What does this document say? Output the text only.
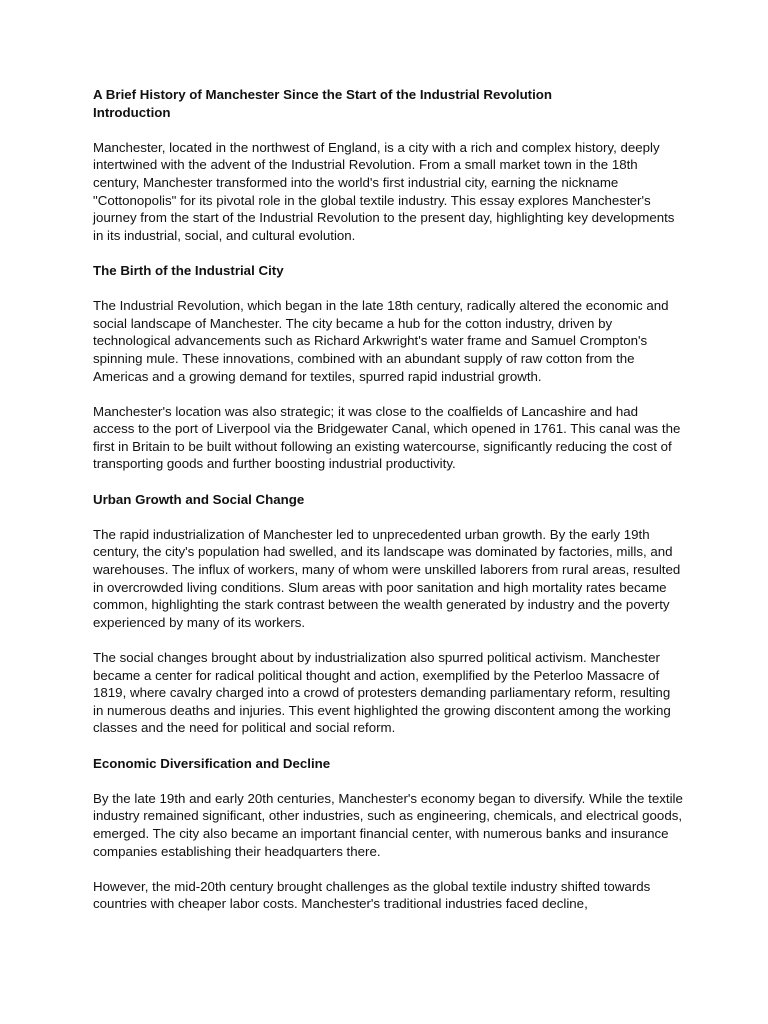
A Brief History of Manchester Since the Start of the Industrial Revolution
Introduction

Manchester, located in the northwest of England, is a city with a rich and complex history, deeply intertwined with the advent of the Industrial Revolution. From a small market town in the 18th century, Manchester transformed into the world's first industrial city, earning the nickname "Cottonopolis" for its pivotal role in the global textile industry. This essay explores Manchester's journey from the start of the Industrial Revolution to the present day, highlighting key developments in its industrial, social, and cultural evolution.

The Birth of the Industrial City

The Industrial Revolution, which began in the late 18th century, radically altered the economic and social landscape of Manchester. The city became a hub for the cotton industry, driven by technological advancements such as Richard Arkwright's water frame and Samuel Crompton's spinning mule. These innovations, combined with an abundant supply of raw cotton from the Americas and a growing demand for textiles, spurred rapid industrial growth.

Manchester's location was also strategic; it was close to the coalfields of Lancashire and had access to the port of Liverpool via the Bridgewater Canal, which opened in 1761. This canal was the first in Britain to be built without following an existing watercourse, significantly reducing the cost of transporting goods and further boosting industrial productivity.

Urban Growth and Social Change

The rapid industrialization of Manchester led to unprecedented urban growth. By the early 19th century, the city's population had swelled, and its landscape was dominated by factories, mills, and warehouses. The influx of workers, many of whom were unskilled laborers from rural areas, resulted in overcrowded living conditions. Slum areas with poor sanitation and high mortality rates became common, highlighting the stark contrast between the wealth generated by industry and the poverty experienced by many of its workers.

The social changes brought about by industrialization also spurred political activism. Manchester became a center for radical political thought and action, exemplified by the Peterloo Massacre of 1819, where cavalry charged into a crowd of protesters demanding parliamentary reform, resulting in numerous deaths and injuries. This event highlighted the growing discontent among the working classes and the need for political and social reform.

Economic Diversification and Decline

By the late 19th and early 20th centuries, Manchester's economy began to diversify. While the textile industry remained significant, other industries, such as engineering, chemicals, and electrical goods, emerged. The city also became an important financial center, with numerous banks and insurance companies establishing their headquarters there.

However, the mid-20th century brought challenges as the global textile industry shifted towards countries with cheaper labor costs. Manchester's traditional industries faced decline,
